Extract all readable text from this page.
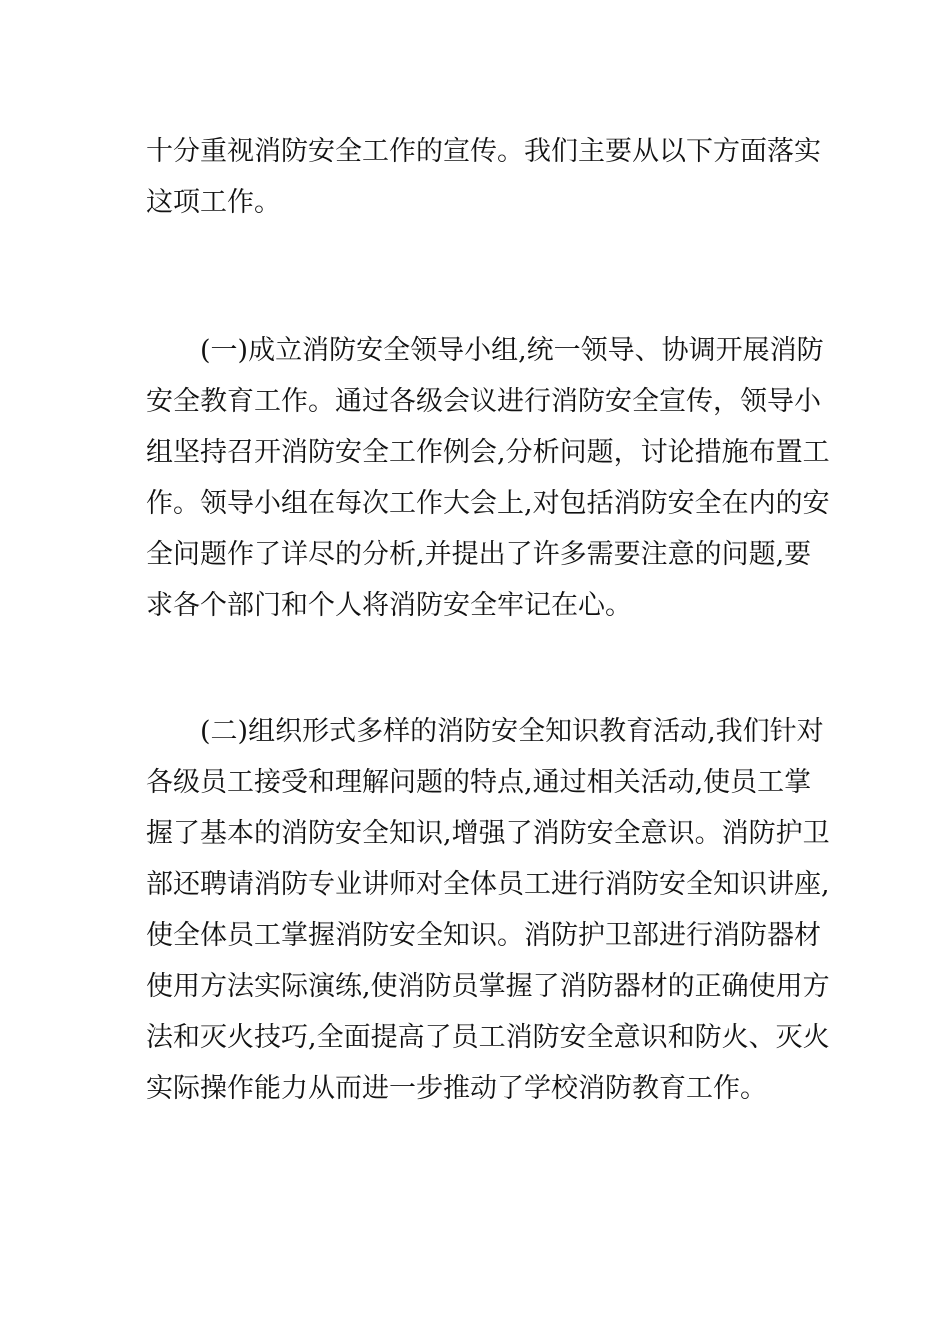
十分重视消防安全工作的宣传。我们主要从以下方面落实
这项工作。
(一)成立消防安全领导小组,统一领导、协调开展消防
安全教育工作。通过各级会议进行消防安全宣传，领导小
组坚持召开消防安全工作例会,分析问题，讨论措施布置工
作。领导小组在每次工作大会上,对包括消防安全在内的安
全问题作了详尽的分析,并提出了许多需要注意的问题,要
求各个部门和个人将消防安全牢记在心。
(二)组织形式多样的消防安全知识教育活动,我们针对
各级员工接受和理解问题的特点,通过相关活动,使员工掌
握了基本的消防安全知识,增强了消防安全意识。消防护卫
部还聘请消防专业讲师对全体员工进行消防安全知识讲座,
使全体员工掌握消防安全知识。消防护卫部进行消防器材
使用方法实际演练,使消防员掌握了消防器材的正确使用方
法和灭火技巧,全面提高了员工消防安全意识和防火、灭火
实际操作能力从而进一步推动了学校消防教育工作。
